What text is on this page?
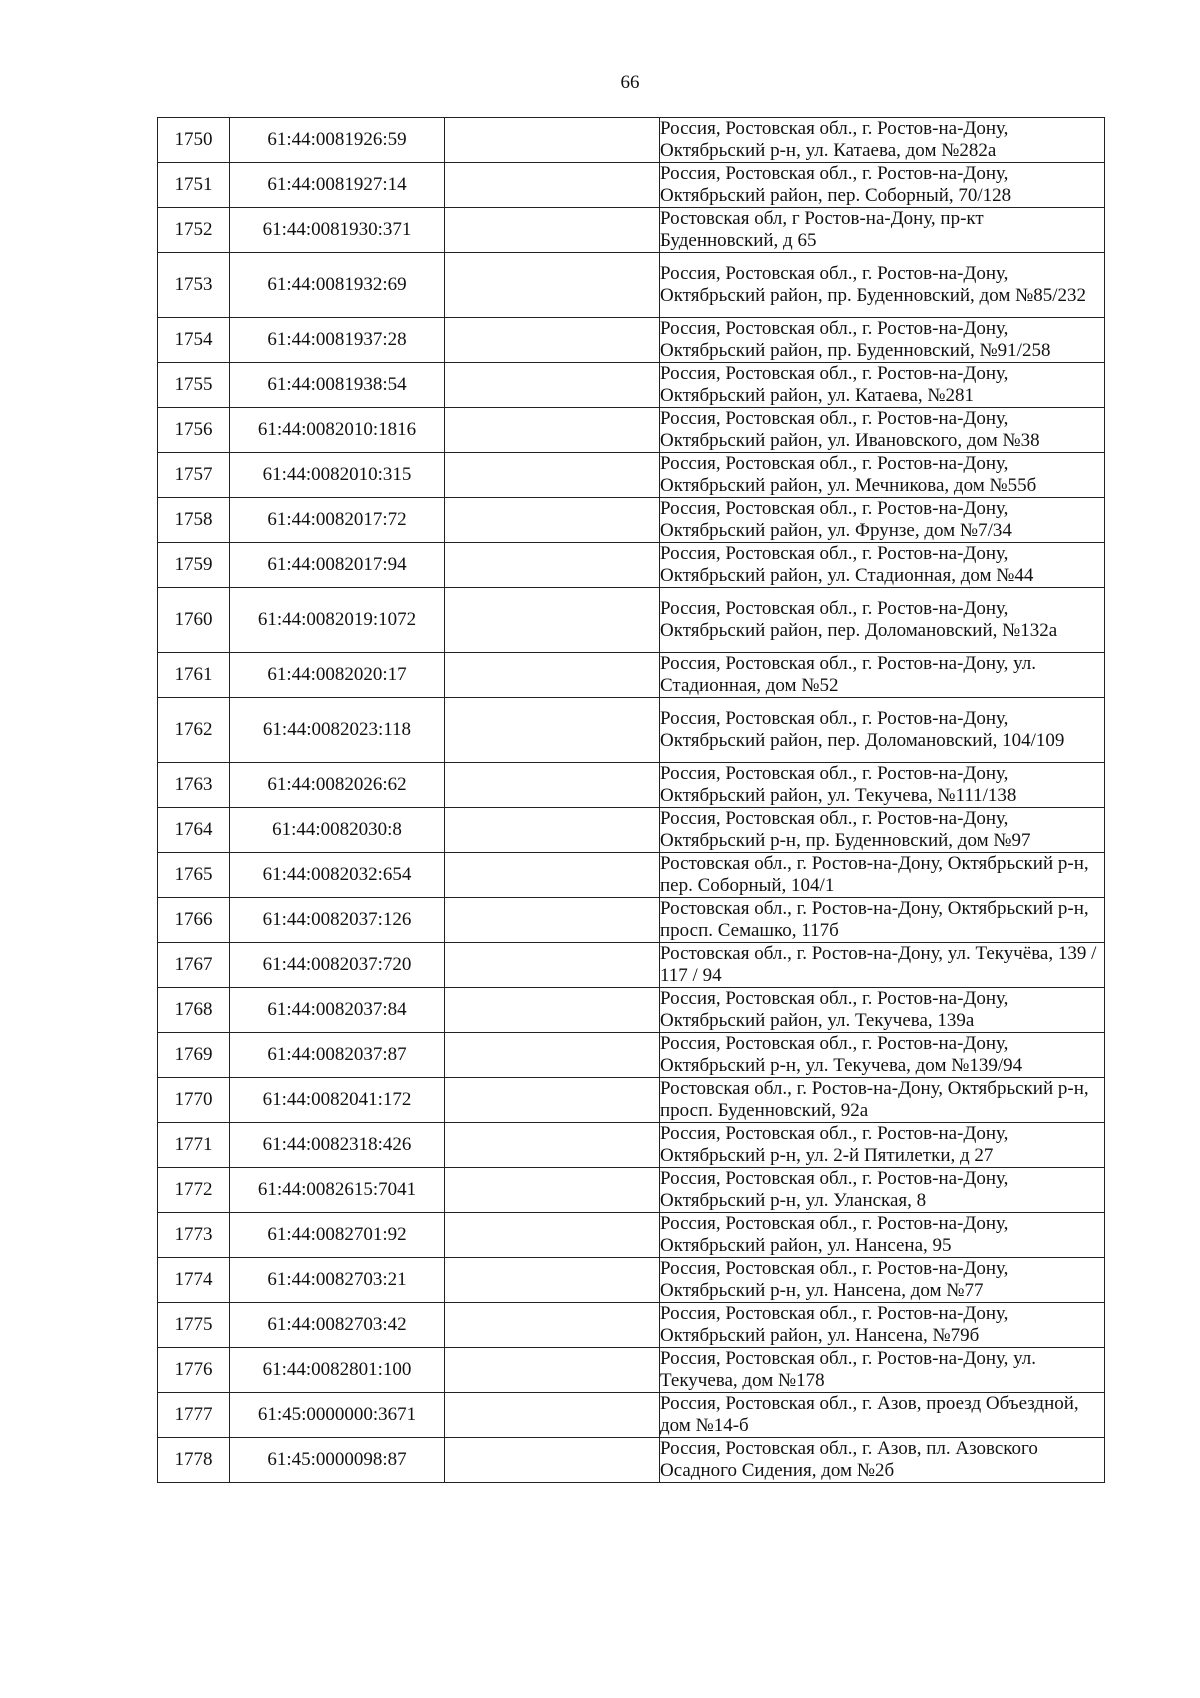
66
1750	61:44:0081926:59		Россия, Ростовская обл., г. Ростов-на-Дону, Октябрьский р-н, ул. Катаева, дом №282а
1751	61:44:0081927:14		Россия, Ростовская обл., г. Ростов-на-Дону, Октябрьский район, пер. Соборный, 70/128
1752	61:44:0081930:371		Ростовская обл, г Ростов-на-Дону, пр-кт Буденновский, д 65
1753	61:44:0081932:69		Россия, Ростовская обл., г. Ростов-на-Дону, Октябрьский район, пр. Буденновский, дом №85/232
1754	61:44:0081937:28		Россия, Ростовская обл., г. Ростов-на-Дону, Октябрьский район, пр. Буденновский, №91/258
1755	61:44:0081938:54		Россия, Ростовская обл., г. Ростов-на-Дону, Октябрьский район, ул. Катаева, №281
1756	61:44:0082010:1816		Россия, Ростовская обл., г. Ростов-на-Дону, Октябрьский район, ул. Ивановского, дом №38
1757	61:44:0082010:315		Россия, Ростовская обл., г. Ростов-на-Дону, Октябрьский район, ул. Мечникова, дом №55б
1758	61:44:0082017:72		Россия, Ростовская обл., г. Ростов-на-Дону, Октябрьский район, ул. Фрунзе, дом №7/34
1759	61:44:0082017:94		Россия, Ростовская обл., г. Ростов-на-Дону, Октябрьский район, ул. Стадионная, дом №44
1760	61:44:0082019:1072		Россия, Ростовская обл., г. Ростов-на-Дону, Октябрьский район, пер. Доломановский, №132а
1761	61:44:0082020:17		Россия, Ростовская обл., г. Ростов-на-Дону, ул. Стадионная, дом №52
1762	61:44:0082023:118		Россия, Ростовская обл., г. Ростов-на-Дону, Октябрьский район, пер. Доломановский, 104/109
1763	61:44:0082026:62		Россия, Ростовская обл., г. Ростов-на-Дону, Октябрьский район, ул. Текучева, №111/138
1764	61:44:0082030:8		Россия, Ростовская обл., г. Ростов-на-Дону, Октябрьский р-н, пр. Буденновский, дом №97
1765	61:44:0082032:654		Ростовская обл., г. Ростов-на-Дону, Октябрьский р-н, пер. Соборный, 104/1
1766	61:44:0082037:126		Ростовская обл., г. Ростов-на-Дону, Октябрьский р-н, просп. Семашко, 117б
1767	61:44:0082037:720		Ростовская обл., г. Ростов-на-Дону, ул. Текучёва, 139 / 117 / 94
1768	61:44:0082037:84		Россия, Ростовская обл., г. Ростов-на-Дону, Октябрьский район, ул. Текучева, 139а
1769	61:44:0082037:87		Россия, Ростовская обл., г. Ростов-на-Дону, Октябрьский р-н, ул. Текучева, дом №139/94
1770	61:44:0082041:172		Ростовская обл., г. Ростов-на-Дону, Октябрьский р-н, просп. Буденновский, 92а
1771	61:44:0082318:426		Россия, Ростовская обл., г. Ростов-на-Дону, Октябрьский р-н, ул. 2-й Пятилетки, д 27
1772	61:44:0082615:7041		Россия, Ростовская обл., г. Ростов-на-Дону, Октябрьский р-н, ул. Уланская, 8
1773	61:44:0082701:92		Россия, Ростовская обл., г. Ростов-на-Дону, Октябрьский район, ул. Нансена, 95
1774	61:44:0082703:21		Россия, Ростовская обл., г. Ростов-на-Дону, Октябрьский р-н, ул. Нансена, дом №77
1775	61:44:0082703:42		Россия, Ростовская обл., г. Ростов-на-Дону, Октябрьский район, ул. Нансена, №79б
1776	61:44:0082801:100		Россия, Ростовская обл., г. Ростов-на-Дону, ул. Текучева, дом №178
1777	61:45:0000000:3671		Россия, Ростовская обл., г. Азов, проезд Объездной, дом №14-б
1778	61:45:0000098:87		Россия, Ростовская обл., г. Азов, пл. Азовского Осадного Сидения, дом №2б
